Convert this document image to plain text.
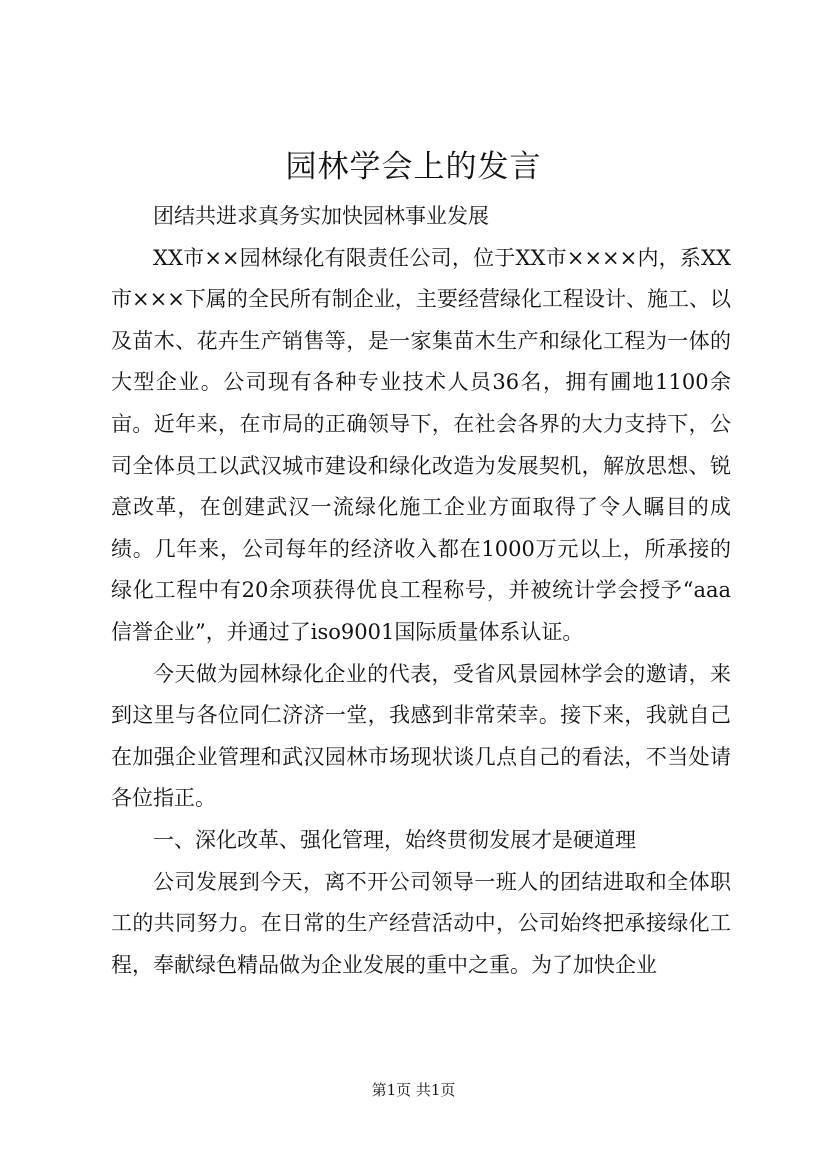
园林学会上的发言

团结共进求真务实加快园林事业发展

XX市××园林绿化有限责任公司，位于XX市××××内，系XX市×××下属的全民所有制企业，主要经营绿化工程设计、施工、以及苗木、花卉生产销售等，是一家集苗木生产和绿化工程为一体的大型企业。公司现有各种专业技术人员36名，拥有圃地1100余亩。近年来，在市局的正确领导下，在社会各界的大力支持下，公司全体员工以武汉城市建设和绿化改造为发展契机，解放思想、锐意改革，在创建武汉一流绿化施工企业方面取得了令人瞩目的成绩。几年来，公司每年的经济收入都在1000万元以上，所承接的绿化工程中有20余项获得优良工程称号，并被统计学会授予“aaa信誉企业”，并通过了iso9001国际质量体系认证。

今天做为园林绿化企业的代表，受省风景园林学会的邀请，来到这里与各位同仁济济一堂，我感到非常荣幸。接下来，我就自己在加强企业管理和武汉园林市场现状谈几点自己的看法，不当处请各位指正。

一、深化改革、强化管理，始终贯彻发展才是硬道理

公司发展到今天，离不开公司领导一班人的团结进取和全体职工的共同努力。在日常的生产经营活动中，公司始终把承接绿化工程，奉献绿色精品做为企业发展的重中之重。为了加快企业

第1页 共1页
